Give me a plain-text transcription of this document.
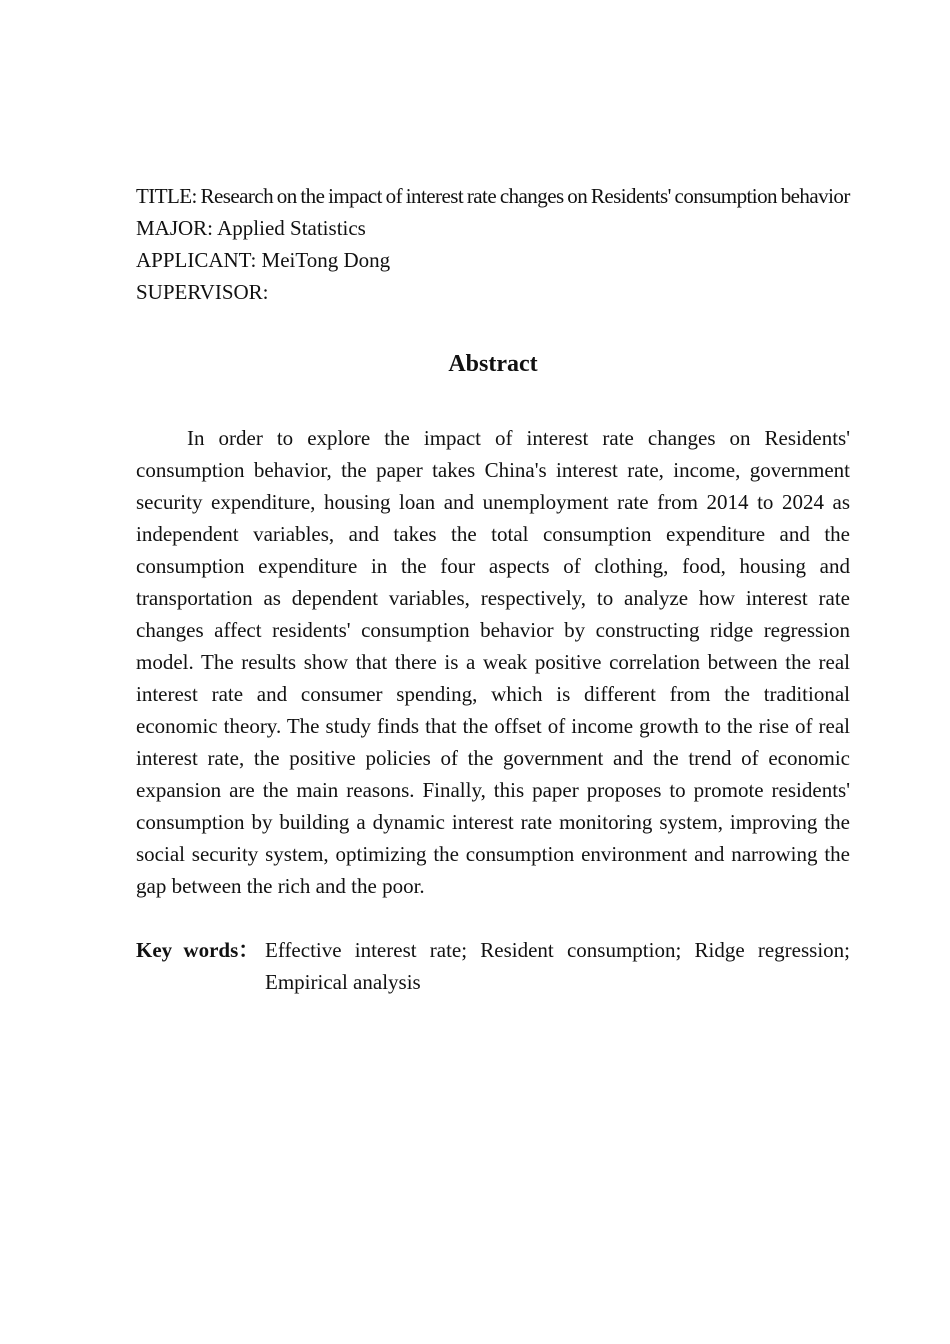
TITLE: Research on the impact of interest rate changes on Residents' consumption behavior

MAJOR: Applied Statistics

APPLICANT: MeiTong Dong

SUPERVISOR:

Abstract

In order to explore the impact of interest rate changes on Residents' consumption behavior, the paper takes China's interest rate, income, government security expenditure, housing loan and unemployment rate from 2014 to 2024 as independent variables, and takes the total consumption expenditure and the consumption expenditure in the four aspects of clothing, food, housing and transportation as dependent variables, respectively, to analyze how interest rate changes affect residents' consumption behavior by constructing ridge regression model. The results show that there is a weak positive correlation between the real interest rate and consumer spending, which is different from the traditional economic theory. The study finds that the offset of income growth to the rise of real interest rate, the positive policies of the government and the trend of economic expansion are the main reasons. Finally, this paper proposes to promote residents' consumption by building a dynamic interest rate monitoring system, improving the social security system, optimizing the consumption environment and narrowing the gap between the rich and the poor.

Key words： Effective interest rate; Resident consumption; Ridge regression; Empirical analysis
